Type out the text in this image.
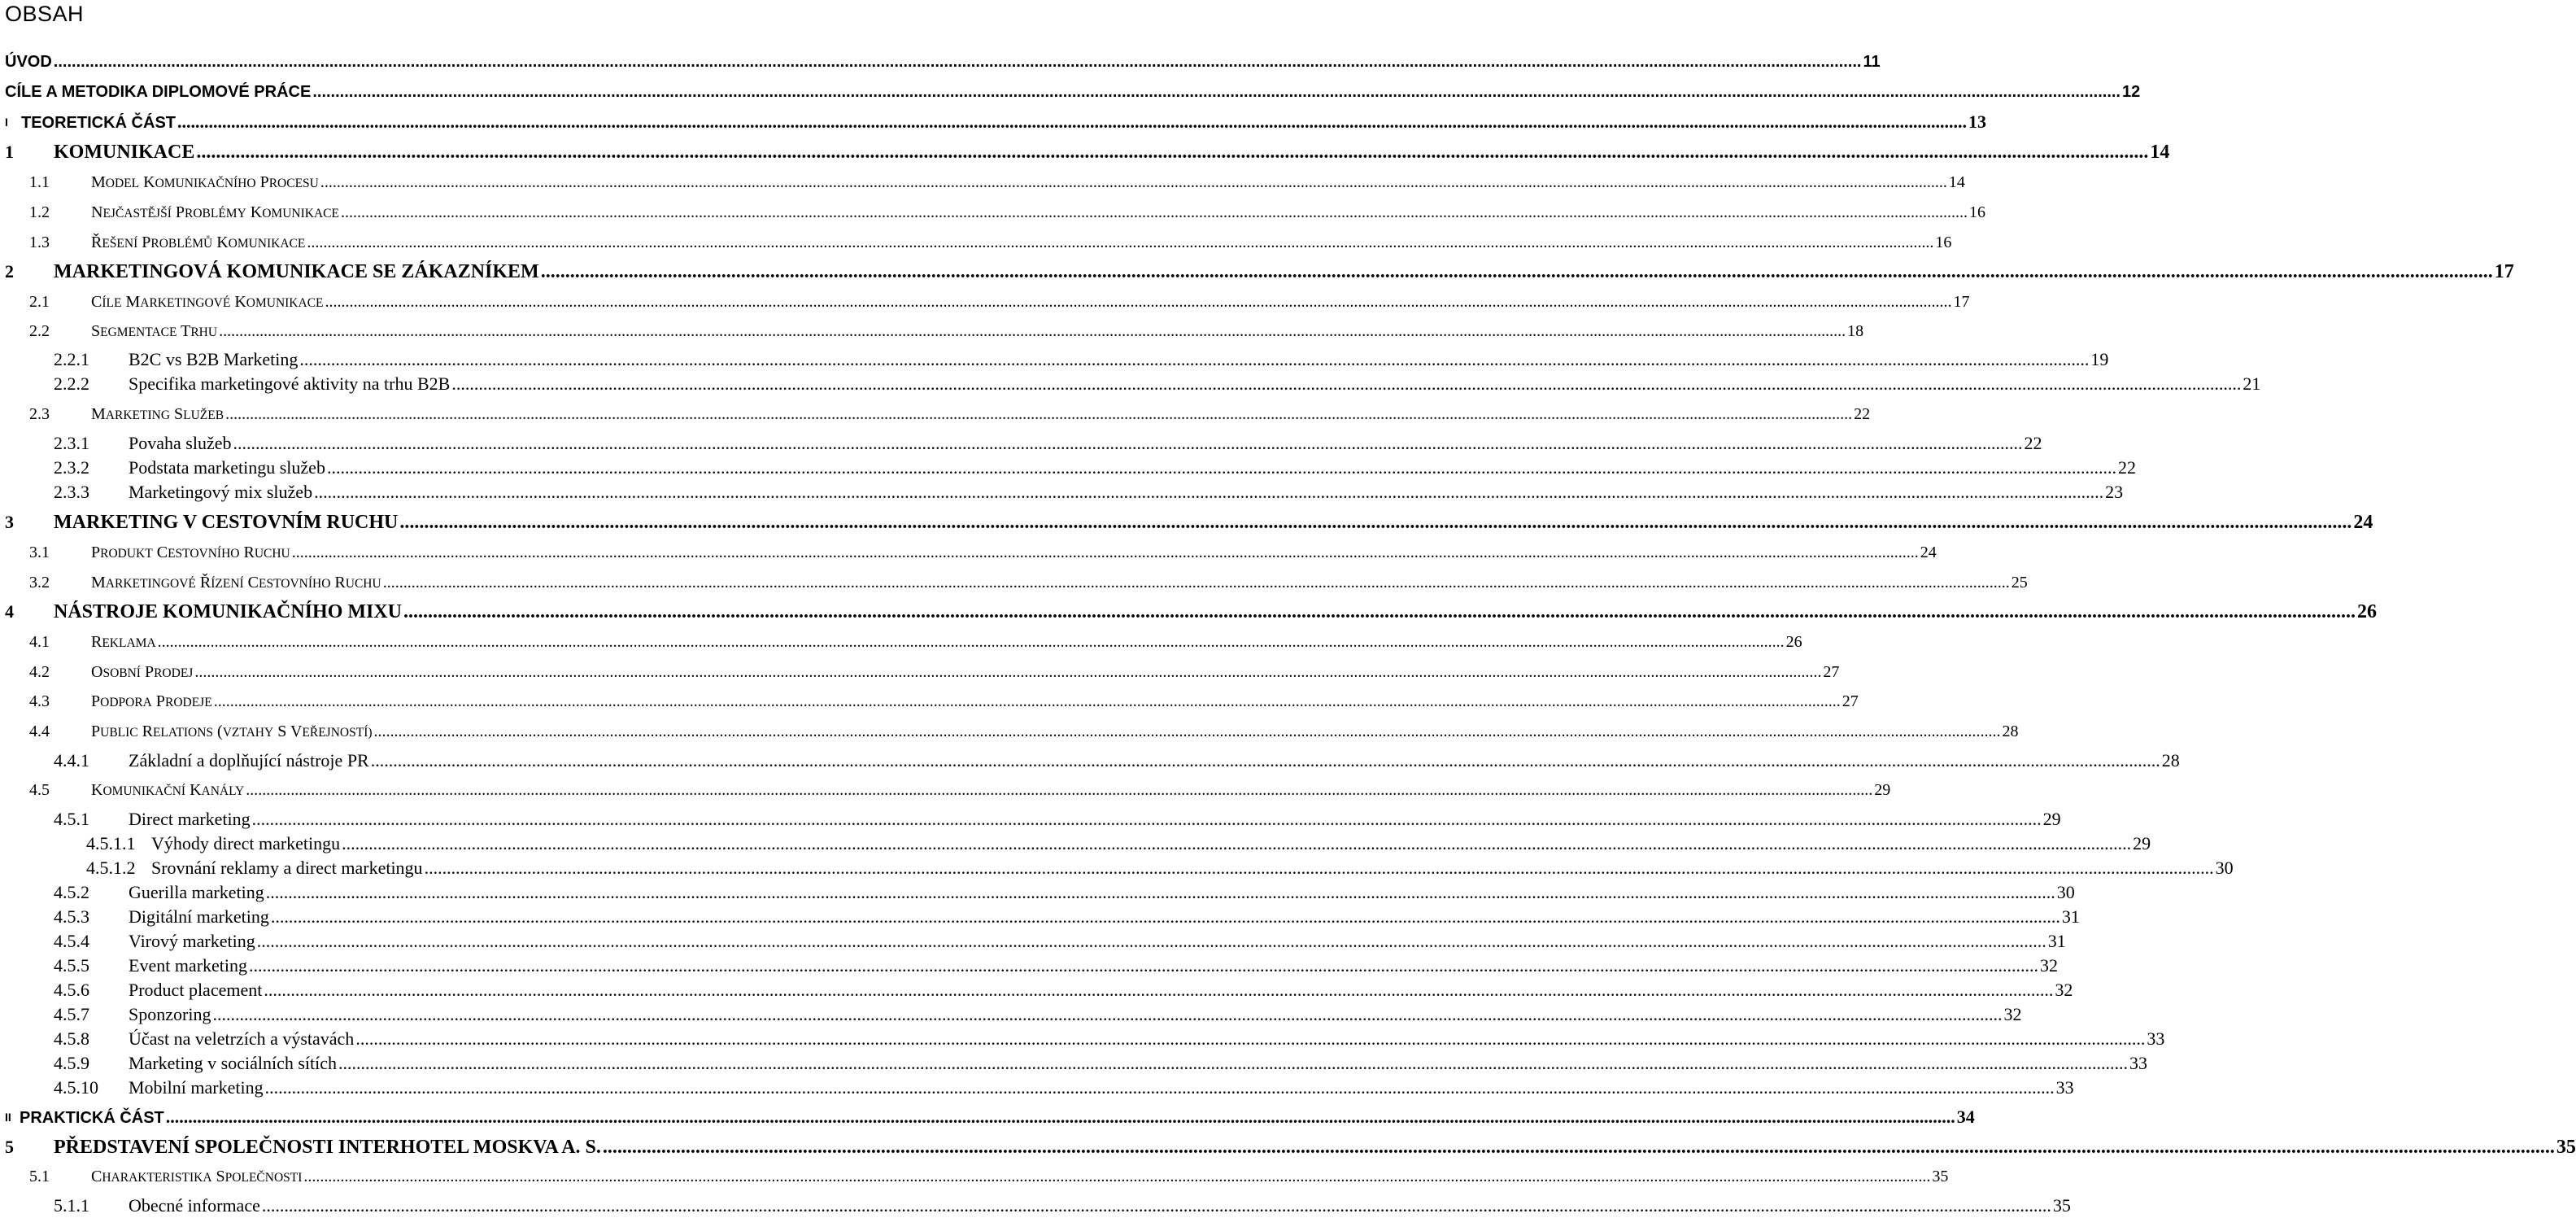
OBSAH
ÚVOD ................................................................................................................................................................................................................................................................................................................................................................................................................ 11
CÍLE A METODIKA DIPLOMOVÉ PRÁCE ................................................................................................................................................................................................................................................................................................................................................................................................................ 12
I TEORETICKÁ ČÁST ................................................................................................................................................................................................................................................................................................................................................................................................................ 13
1 KOMUNIKACE ................................................................................................................................................................................................................................................................................................................................................................................................................ 14
1.1	MODEL KOMUNIKAČNÍHO PROCESU ................................................................................................................................................................................................................................................................................................................................................................................................................ 14
1.2	NEJČASTĚJŠÍ PROBLÉMY KOMUNIKACE ................................................................................................................................................................................................................................................................................................................................................................................................................ 16
1.3	ŘEŠENÍ PROBLÉMŮ KOMUNIKACE ................................................................................................................................................................................................................................................................................................................................................................................................................ 16
2 MARKETINGOVÁ KOMUNIKACE SE ZÁKAZNÍKEM ................................................................................................................................................................................................................................................................................................................................................................................................................ 17
2.1	CÍLE MARKETINGOVÉ KOMUNIKACE ................................................................................................................................................................................................................................................................................................................................................................................................................ 17
2.2	SEGMENTACE TRHU ................................................................................................................................................................................................................................................................................................................................................................................................................ 18
2.2.1 B2C vs B2B Marketing ................................................................................................................................................................................................................................................................................................................................................................................................................ 19
2.2.2 Specifika marketingové aktivity na trhu B2B ................................................................................................................................................................................................................................................................................................................................................................................................................ 21
2.3	MARKETING SLUŽEB ................................................................................................................................................................................................................................................................................................................................................................................................................ 22
2.3.1 Povaha služeb ................................................................................................................................................................................................................................................................................................................................................................................................................ 22
2.3.2 Podstata marketingu služeb ................................................................................................................................................................................................................................................................................................................................................................................................................ 22
2.3.3 Marketingový mix služeb ................................................................................................................................................................................................................................................................................................................................................................................................................ 23
3 MARKETING V CESTOVNÍM RUCHU ................................................................................................................................................................................................................................................................................................................................................................................................................ 24
3.1	PRODUKT CESTOVNÍHO RUCHU ................................................................................................................................................................................................................................................................................................................................................................................................................ 24
3.2	MARKETINGOVÉ ŘÍZENÍ CESTOVNÍHO RUCHU ................................................................................................................................................................................................................................................................................................................................................................................................................ 25
4 NÁSTROJE KOMUNIKAČNÍHO MIXU ................................................................................................................................................................................................................................................................................................................................................................................................................ 26
4.1	REKLAMA ................................................................................................................................................................................................................................................................................................................................................................................................................ 26
4.2	OSOBNÍ PRODEJ ................................................................................................................................................................................................................................................................................................................................................................................................................ 27
4.3	PODPORA PRODEJE ................................................................................................................................................................................................................................................................................................................................................................................................................ 27
4.4	PUBLIC RELATIONS (VZTAHY S VEŘEJNOSTÍ) ................................................................................................................................................................................................................................................................................................................................................................................................................ 28
4.4.1 Základní a doplňující nástroje PR ................................................................................................................................................................................................................................................................................................................................................................................................................ 28
4.5	KOMUNIKAČNÍ KANÁLY ................................................................................................................................................................................................................................................................................................................................................................................................................ 29
4.5.1 Direct marketing ................................................................................................................................................................................................................................................................................................................................................................................................................ 29
4.5.1.1 Výhody direct marketingu ................................................................................................................................................................................................................................................................................................................................................................................................................ 29
4.5.1.2 Srovnání reklamy a direct marketingu ................................................................................................................................................................................................................................................................................................................................................................................................................ 30
4.5.2 Guerilla marketing ................................................................................................................................................................................................................................................................................................................................................................................................................ 30
4.5.3 Digitální marketing ................................................................................................................................................................................................................................................................................................................................................................................................................ 31
4.5.4 Virový marketing ................................................................................................................................................................................................................................................................................................................................................................................................................ 31
4.5.5 Event marketing ................................................................................................................................................................................................................................................................................................................................................................................................................ 32
4.5.6 Product placement ................................................................................................................................................................................................................................................................................................................................................................................................................ 32
4.5.7 Sponzoring ................................................................................................................................................................................................................................................................................................................................................................................................................ 32
4.5.8 Účast na veletrzích a výstavách ................................................................................................................................................................................................................................................................................................................................................................................................................ 33
4.5.9 Marketing v sociálních sítích ................................................................................................................................................................................................................................................................................................................................................................................................................ 33
4.5.10 Mobilní marketing ................................................................................................................................................................................................................................................................................................................................................................................................................ 33
II PRAKTICKÁ ČÁST ................................................................................................................................................................................................................................................................................................................................................................................................................ 34
5 PŘEDSTAVENÍ SPOLEČNOSTI INTERHOTEL MOSKVA A. S. ................................................................................................................................................................................................................................................................................................................................................................................................................ 35
5.1	CHARAKTERISTIKA SPOLEČNOSTI ................................................................................................................................................................................................................................................................................................................................................................................................................ 35
5.1.1 Obecné informace ................................................................................................................................................................................................................................................................................................................................................................................................................ 35
